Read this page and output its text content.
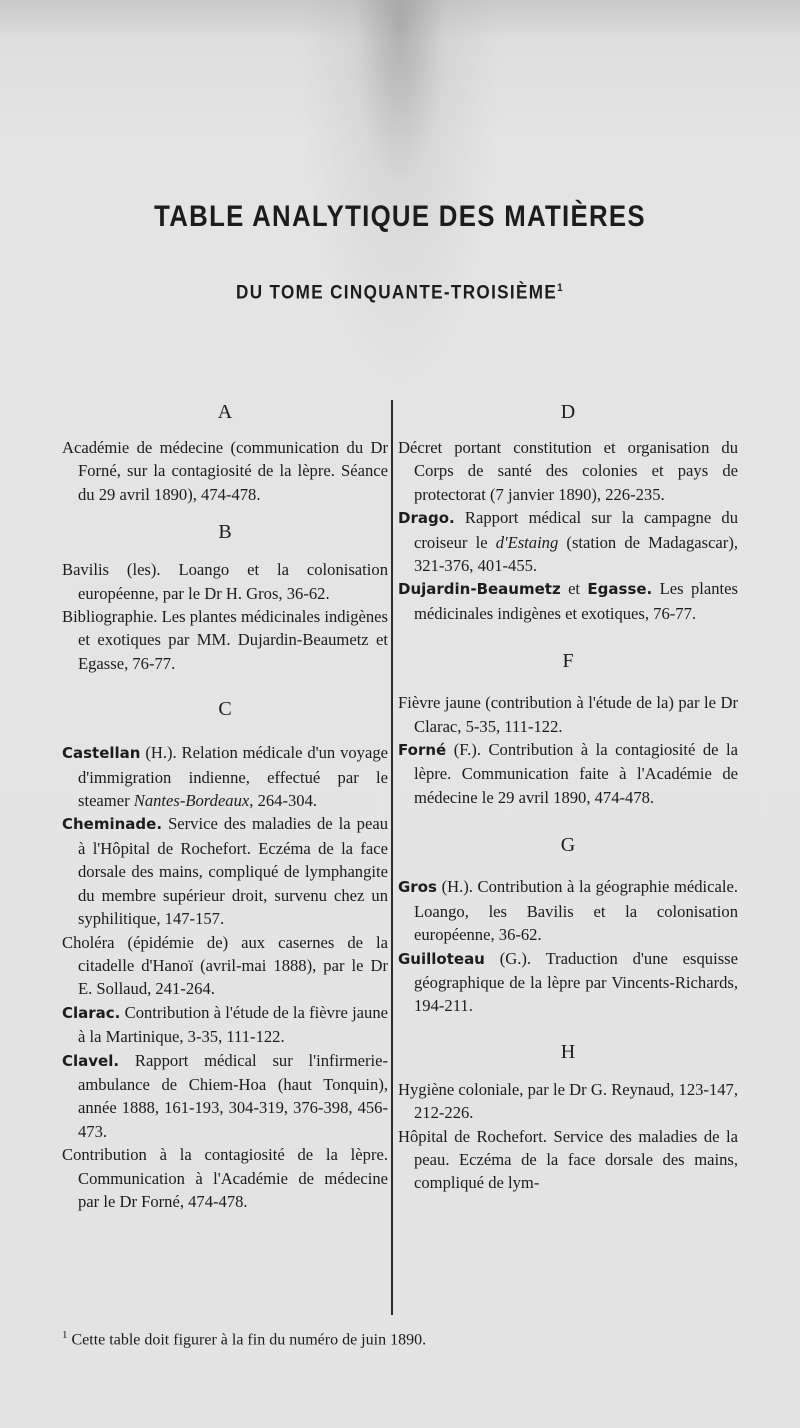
TABLE ANALYTIQUE DES MATIÈRES
DU TOME CINQUANTE-TROISIÈME$^1$

A

Académie de médecine (communication du Dr Forné, sur la contagiosité de la lèpre. Séance du 29 avril 1890), 474-478.

B

Bavilis (les). Loango et la colonisation européenne, par le Dr H. Gros, 36-62.

Bibliographie. Les plantes médicinales indigènes et exotiques par MM. Dujardin-Beaumetz et Egasse, 76-77.

C

Castellan (H.). Relation médicale d'un voyage d'immigration indienne, effectué par le steamer Nantes-Bordeaux, 264-304.

Cheminade. Service des maladies de la peau à l'Hôpital de Rochefort. Eczéma de la face dorsale des mains, compliqué de lymphangite du membre supérieur droit, survenu chez un syphilitique, 147-157.

Choléra (épidémie de) aux casernes de la citadelle d'Hanoï (avril-mai 1888), par le Dr E. Sollaud, 241-264.

Clarac. Contribution à l'étude de la fièvre jaune à la Martinique, 3-35, 111-122.

Clavel. Rapport médical sur l'infirmerie-ambulance de Chiem-Hoa (haut Tonquin), année 1888, 161-193, 304-319, 376-398, 456-473.

Contribution à la contagiosité de la lèpre. Communication à l'Académie de médecine par le Dr Forné, 474-478.

D

Décret portant constitution et organisation du Corps de santé des colonies et pays de protectorat (7 janvier 1890), 226-235.

Drago. Rapport médical sur la campagne du croiseur le d'Estaing (station de Madagascar), 321-376, 401-455.

Dujardin-Beaumetz et Egasse. Les plantes médicinales indigènes et exotiques, 76-77.

F

Fièvre jaune (contribution à l'étude de la) par le Dr Clarac, 5-35, 111-122.

Forné (F.). Contribution à la contagiosité de la lèpre. Communication faite à l'Académie de médecine le 29 avril 1890, 474-478.

G

Gros (H.). Contribution à la géographie médicale. Loango, les Bavilis et la colonisation européenne, 36-62.

Guilloteau (G.). Traduction d'une esquisse géographique de la lèpre par Vincents-Richards, 194-211.

H

Hygiène coloniale, par le Dr G. Reynaud, 123-147, 212-226.

Hôpital de Rochefort. Service des maladies de la peau. Eczéma de la face dorsale des mains, compliqué de lym-

$^1$ Cette table doit figurer à la fin du numéro de juin 1890.
